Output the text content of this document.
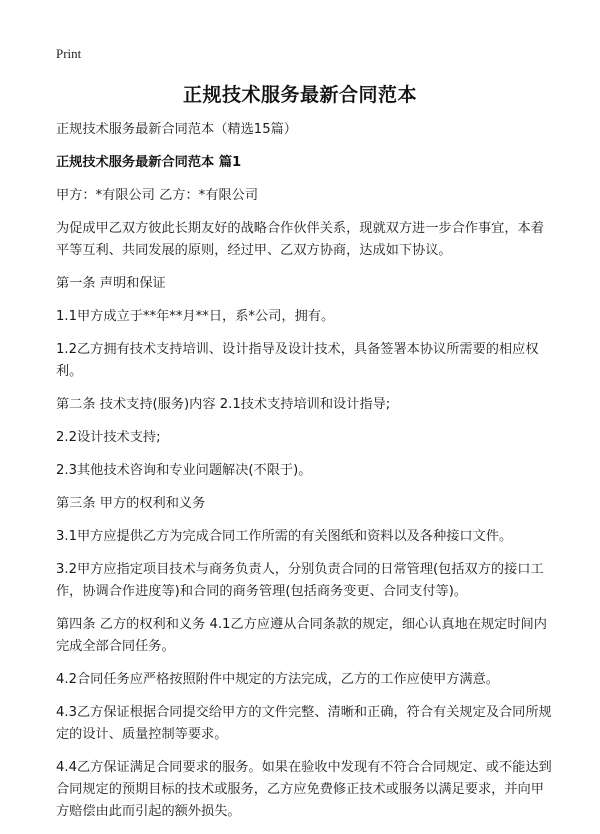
Print
正规技术服务最新合同范本

正规技术服务最新合同范本（精选15篇）

正规技术服务最新合同范本 篇1

甲方：*有限公司 乙方：*有限公司

为促成甲乙双方彼此长期友好的战略合作伙伴关系，现就双方进一步合作事宜，本着平等互利、共同发展的原则，经过甲、乙双方协商，达成如下协议。

第一条 声明和保证

1.1甲方成立于**年**月**日，系*公司，拥有。

1.2乙方拥有技术支持培训、设计指导及设计技术，具备签署本协议所需要的相应权利。

第二条 技术支持(服务)内容 2.1技术支持培训和设计指导;

2.2设计技术支持;

2.3其他技术咨询和专业问题解决(不限于)。

第三条 甲方的权利和义务

3.1甲方应提供乙方为完成合同工作所需的有关图纸和资料以及各种接口文件。

3.2甲方应指定项目技术与商务负责人，分别负责合同的日常管理(包括双方的接口工作，协调合作进度等)和合同的商务管理(包括商务变更、合同支付等)。

第四条 乙方的权利和义务 4.1乙方应遵从合同条款的规定，细心认真地在规定时间内完成全部合同任务。

4.2合同任务应严格按照附件中规定的方法完成，乙方的工作应使甲方满意。

4.3乙方保证根据合同提交给甲方的文件完整、清晰和正确，符合有关规定及合同所规定的设计、质量控制等要求。

4.4乙方保证满足合同要求的服务。如果在验收中发现有不符合合同规定、或不能达到合同规定的预期目标的技术或服务，乙方应免费修正技术或服务以满足要求，并向甲方赔偿由此而引起的额外损失。
